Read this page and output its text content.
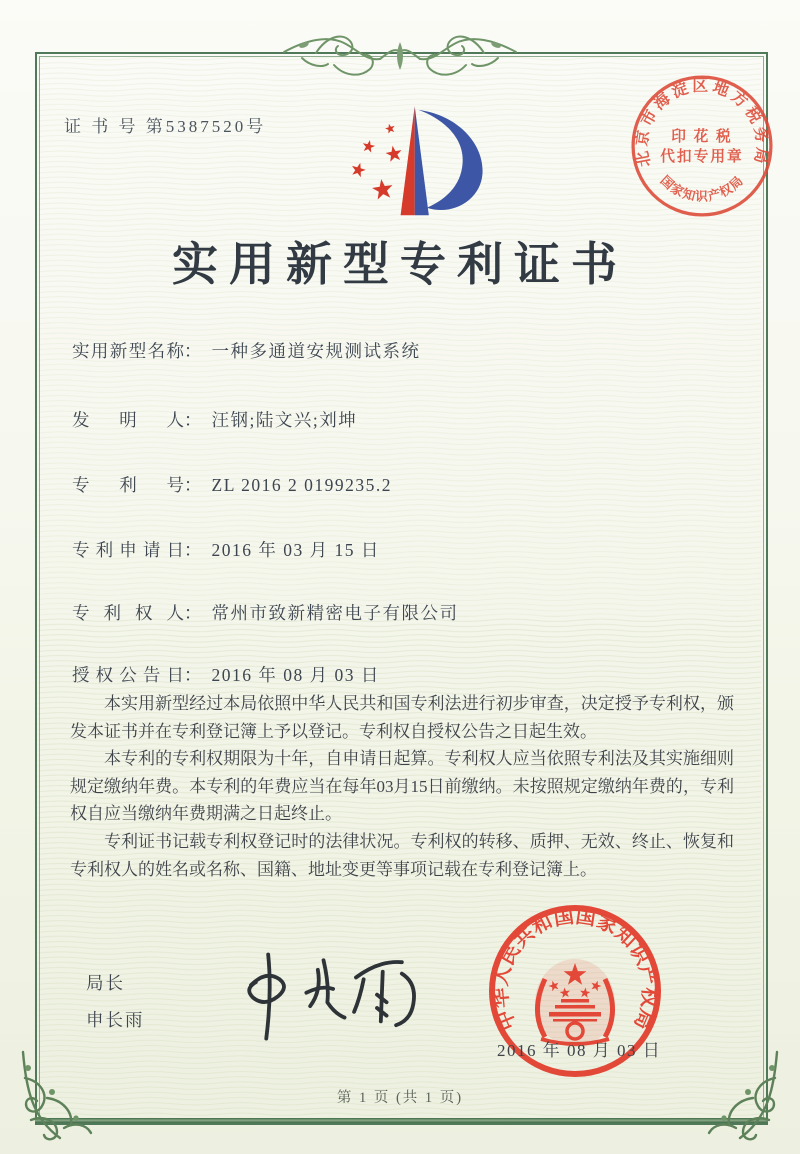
证 书 号 第5387520号
北京市海淀区地方税务局
国家知识产权局
印 花 税
代扣专用章
实用新型专利证书
实用新型名称： 一种多通道安规测试系统
发明人： 汪钢;陆文兴;刘坤
专利号： ZL 2016 2 0199235.2
专利申请日： 2016 年 03 月 15 日
专利权人： 常州市致新精密电子有限公司
授权公告日： 2016 年 08 月 03 日

本实用新型经过本局依照中华人民共和国专利法进行初步审查，决定授予专利权，颁发本证书并在专利登记簿上予以登记。专利权自授权公告之日起生效。

本专利的专利权期限为十年，自申请日起算。专利权人应当依照专利法及其实施细则规定缴纳年费。本专利的年费应当在每年03月15日前缴纳。未按照规定缴纳年费的，专利权自应当缴纳年费期满之日起终止。

专利证书记载专利权登记时的法律状况。专利权的转移、质押、无效、终止、恢复和专利权人的姓名或名称、国籍、地址变更等事项记载在专利登记簿上。

局长
申长雨	中华人民共和国国家知识产权局
2016 年 08 月 03 日
第 1 页 (共 1 页)
